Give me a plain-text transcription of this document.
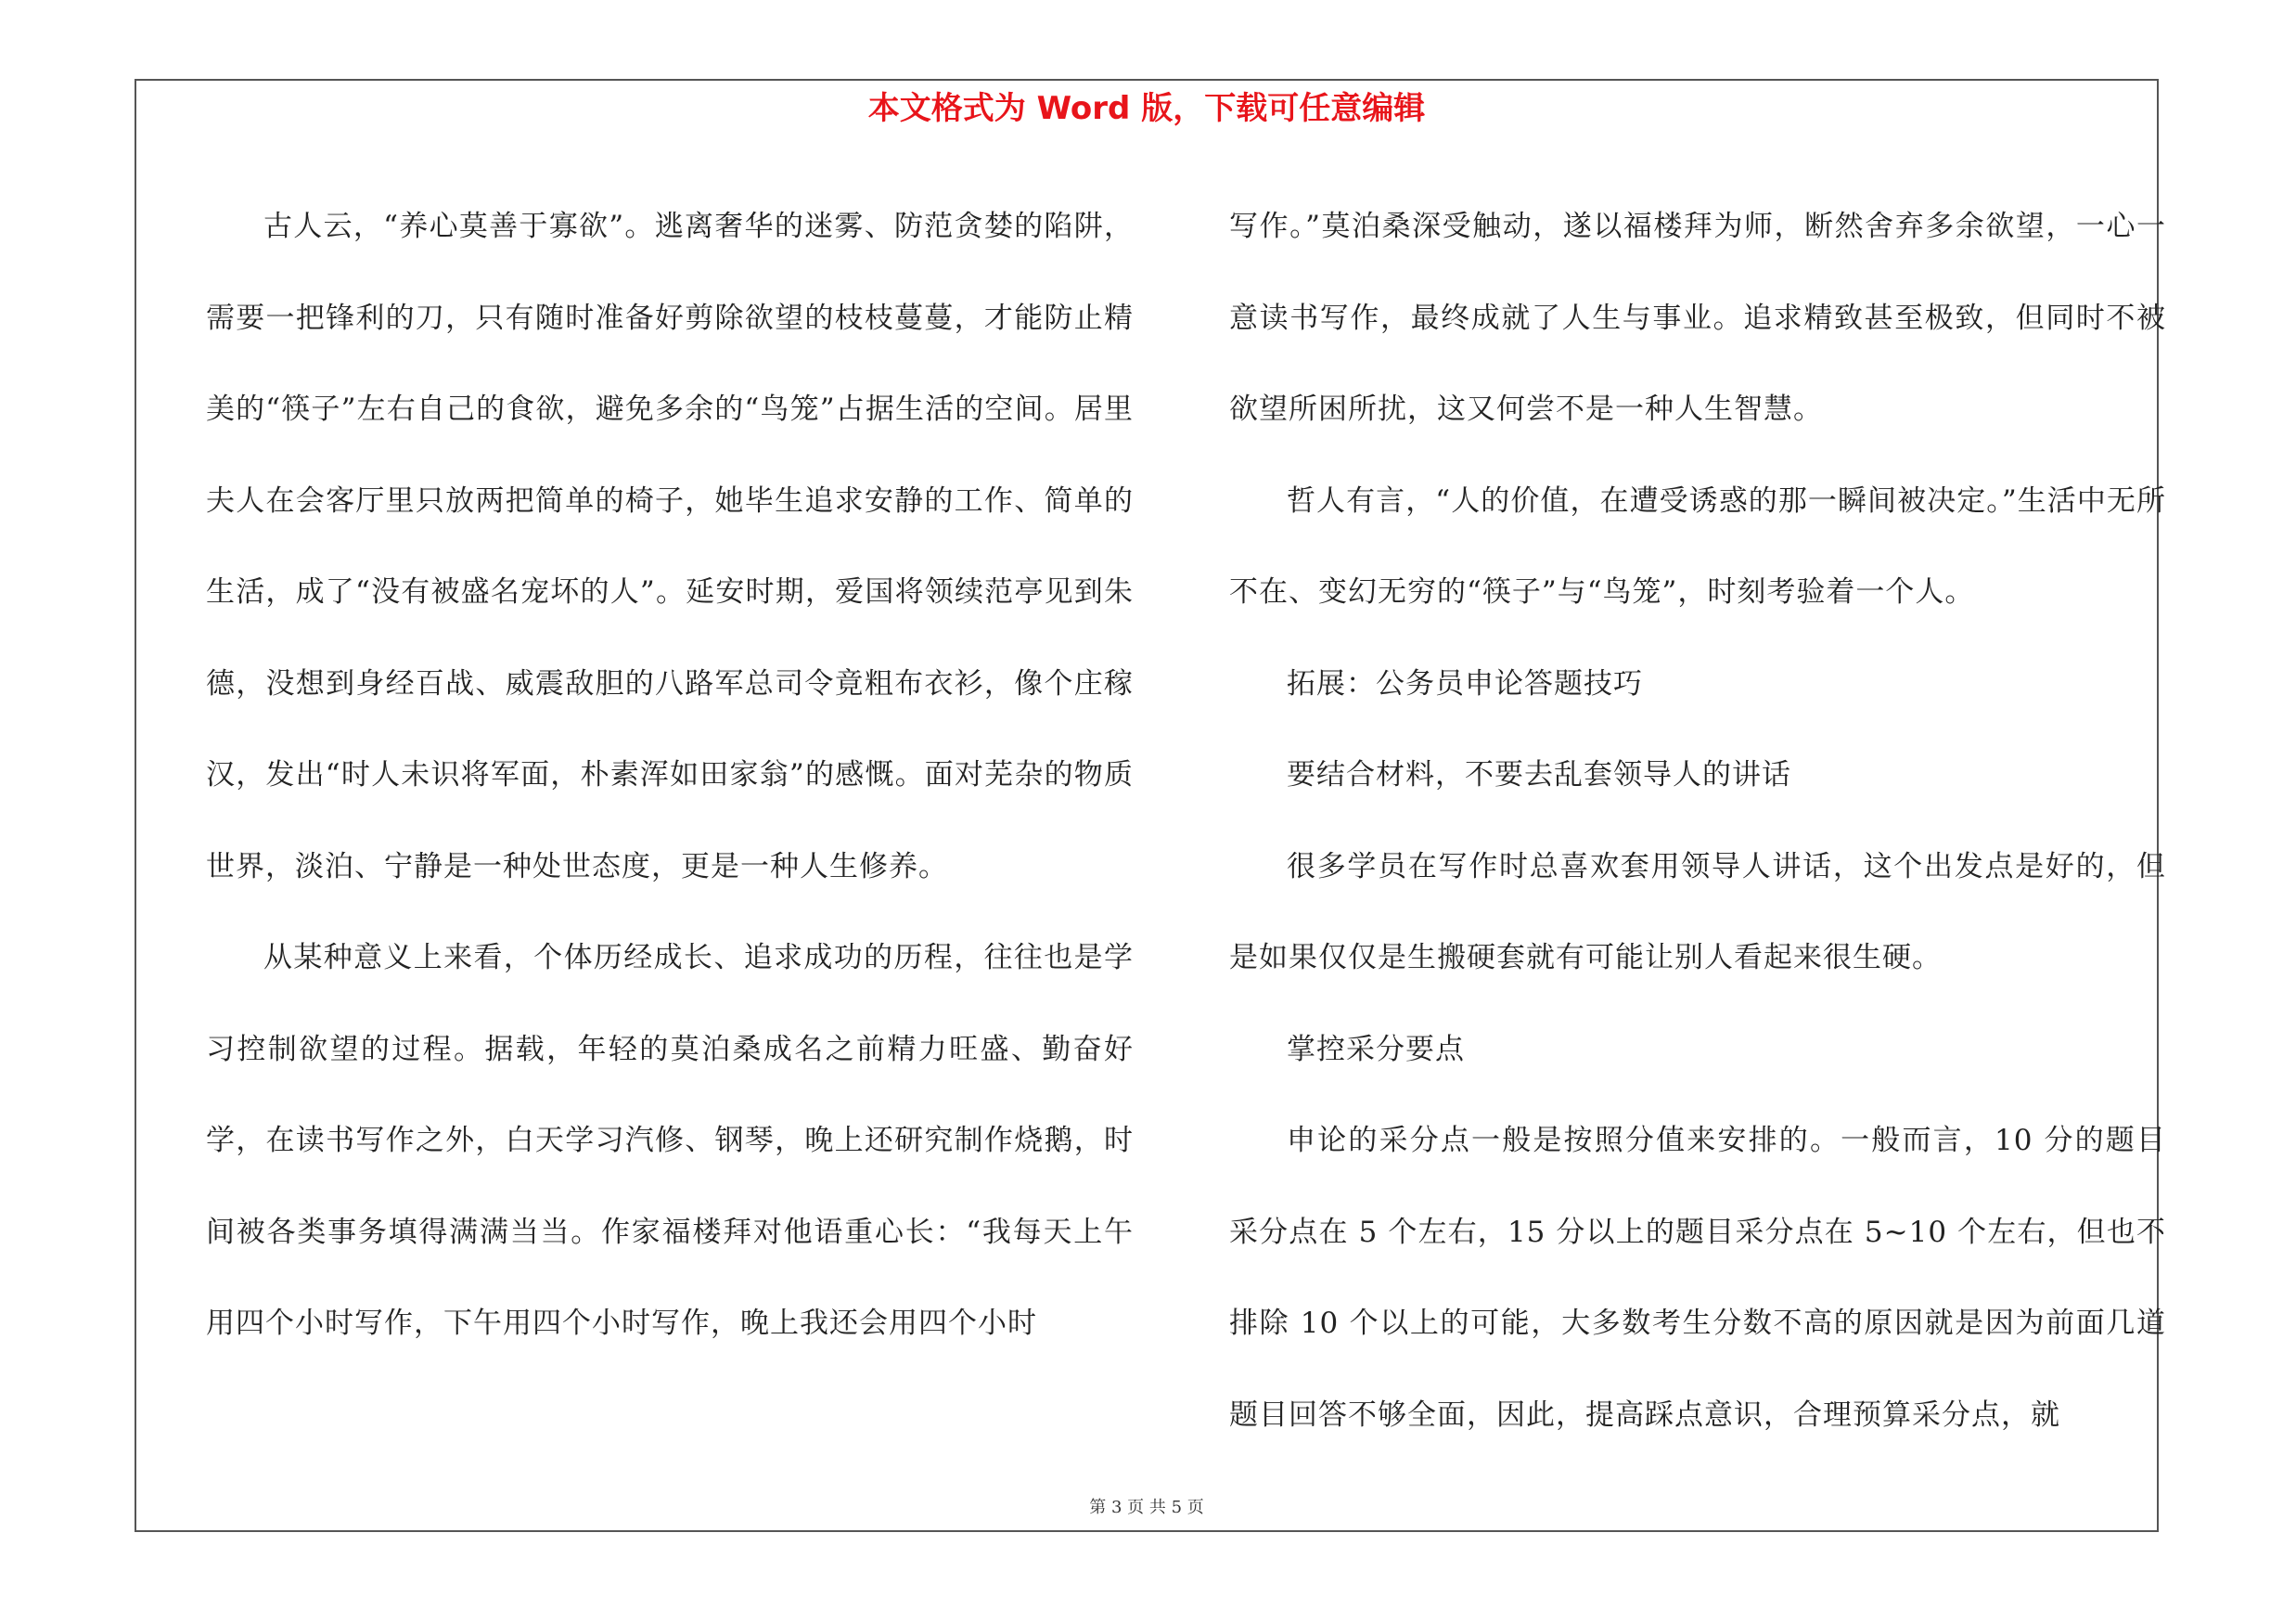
本文格式为 Word 版，下载可任意编辑

古人云，“养心莫善于寡欲”。逃离奢华的迷雾、防范贪婪的陷阱，需要一把锋利的刀，只有随时准备好剪除欲望的枝枝蔓蔓，才能防止精美的“筷子”左右自己的食欲，避免多余的“鸟笼”占据生活的空间。居里夫人在会客厅里只放两把简单的椅子，她毕生追求安静的工作、简单的生活，成了“没有被盛名宠坏的人”。延安时期，爱国将领续范亭见到朱德，没想到身经百战、威震敌胆的八路军总司令竟粗布衣衫，像个庄稼汉，发出“时人未识将军面，朴素浑如田家翁”的感慨。面对芜杂的物质世界，淡泊、宁静是一种处世态度，更是一种人生修养。

从某种意义上来看，个体历经成长、追求成功的历程，往往也是学习控制欲望的过程。据载，年轻的莫泊桑成名之前精力旺盛、勤奋好学，在读书写作之外，白天学习汽修、钢琴，晚上还研究制作烧鹅，时间被各类事务填得满满当当。作家福楼拜对他语重心长：“我每天上午用四个小时写作，下午用四个小时写作，晚上我还会用四个小时

写作。”莫泊桑深受触动，遂以福楼拜为师，断然舍弃多余欲望，一心一意读书写作，最终成就了人生与事业。追求精致甚至极致，但同时不被欲望所困所扰，这又何尝不是一种人生智慧。

哲人有言，“人的价值，在遭受诱惑的那一瞬间被决定。”生活中无所不在、变幻无穷的“筷子”与“鸟笼”，时刻考验着一个人。

拓展：公务员申论答题技巧

要结合材料，不要去乱套领导人的讲话

很多学员在写作时总喜欢套用领导人讲话，这个出发点是好的，但是如果仅仅是生搬硬套就有可能让别人看起来很生硬。

掌控采分要点

申论的采分点一般是按照分值来安排的。一般而言，10 分的题目采分点在 5 个左右，15 分以上的题目采分点在 5~10 个左右，但也不排除 10 个以上的可能，大多数考生分数不高的原因就是因为前面几道题目回答不够全面，因此，提高踩点意识，合理预算采分点，就

第 3 页 共 5 页
